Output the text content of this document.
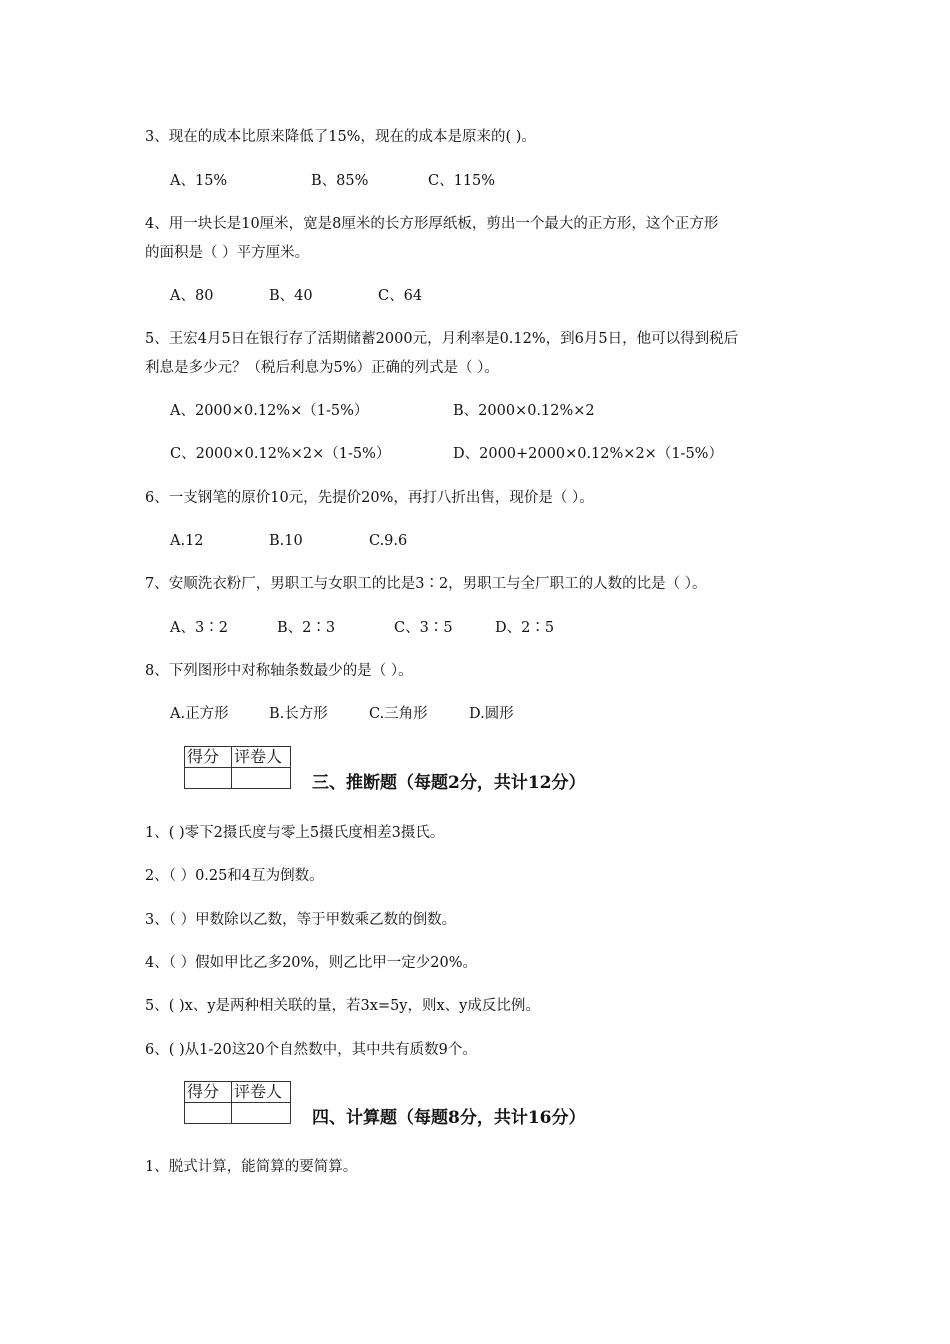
3、现在的成本比原来降低了15%，现在的成本是原来的( )。
A、15%	B、85%	C、115%
4、用一块长是10厘米，宽是8厘米的长方形厚纸板，剪出一个最大的正方形，这个正方形
的面积是（ ）平方厘米。
A、80	B、40	C、64
5、王宏4月5日在银行存了活期储蓄2000元，月利率是0.12%，到6月5日，他可以得到税后
利息是多少元？（税后利息为5%）正确的列式是（ ）。
A、2000×0.12%×（1-5%）	B、2000×0.12%×2
C、2000×0.12%×2×（1-5%）	D、2000+2000×0.12%×2×（1-5%）
6、一支钢笔的原价10元，先提价20%，再打八折出售，现价是（ ）。
A.12	B.10	C.9.6
7、安顺洗衣粉厂，男职工与女职工的比是3∶2，男职工与全厂职工的人数的比是（ ）。
A、3∶2	B、2∶3	C、3∶5	D、2∶5
8、下列图形中对称轴条数最少的是（ ）。
A.正方形	B.长方形	C.三角形	D.圆形
得分	评卷人

三、推断题（每题2分，共计12分）
1、( )零下2摄氏度与零上5摄氏度相差3摄氏。
2、（ ）0.25和4互为倒数。
3、（ ）甲数除以乙数，等于甲数乘乙数的倒数。
4、（ ）假如甲比乙多20%，则乙比甲一定少20%。
5、( )x、y是两种相关联的量，若3x=5y，则x、y成反比例。
6、( )从1-20这20个自然数中，其中共有质数9个。
得分	评卷人

四、计算题（每题8分，共计16分）
1、脱式计算，能简算的要简算。
